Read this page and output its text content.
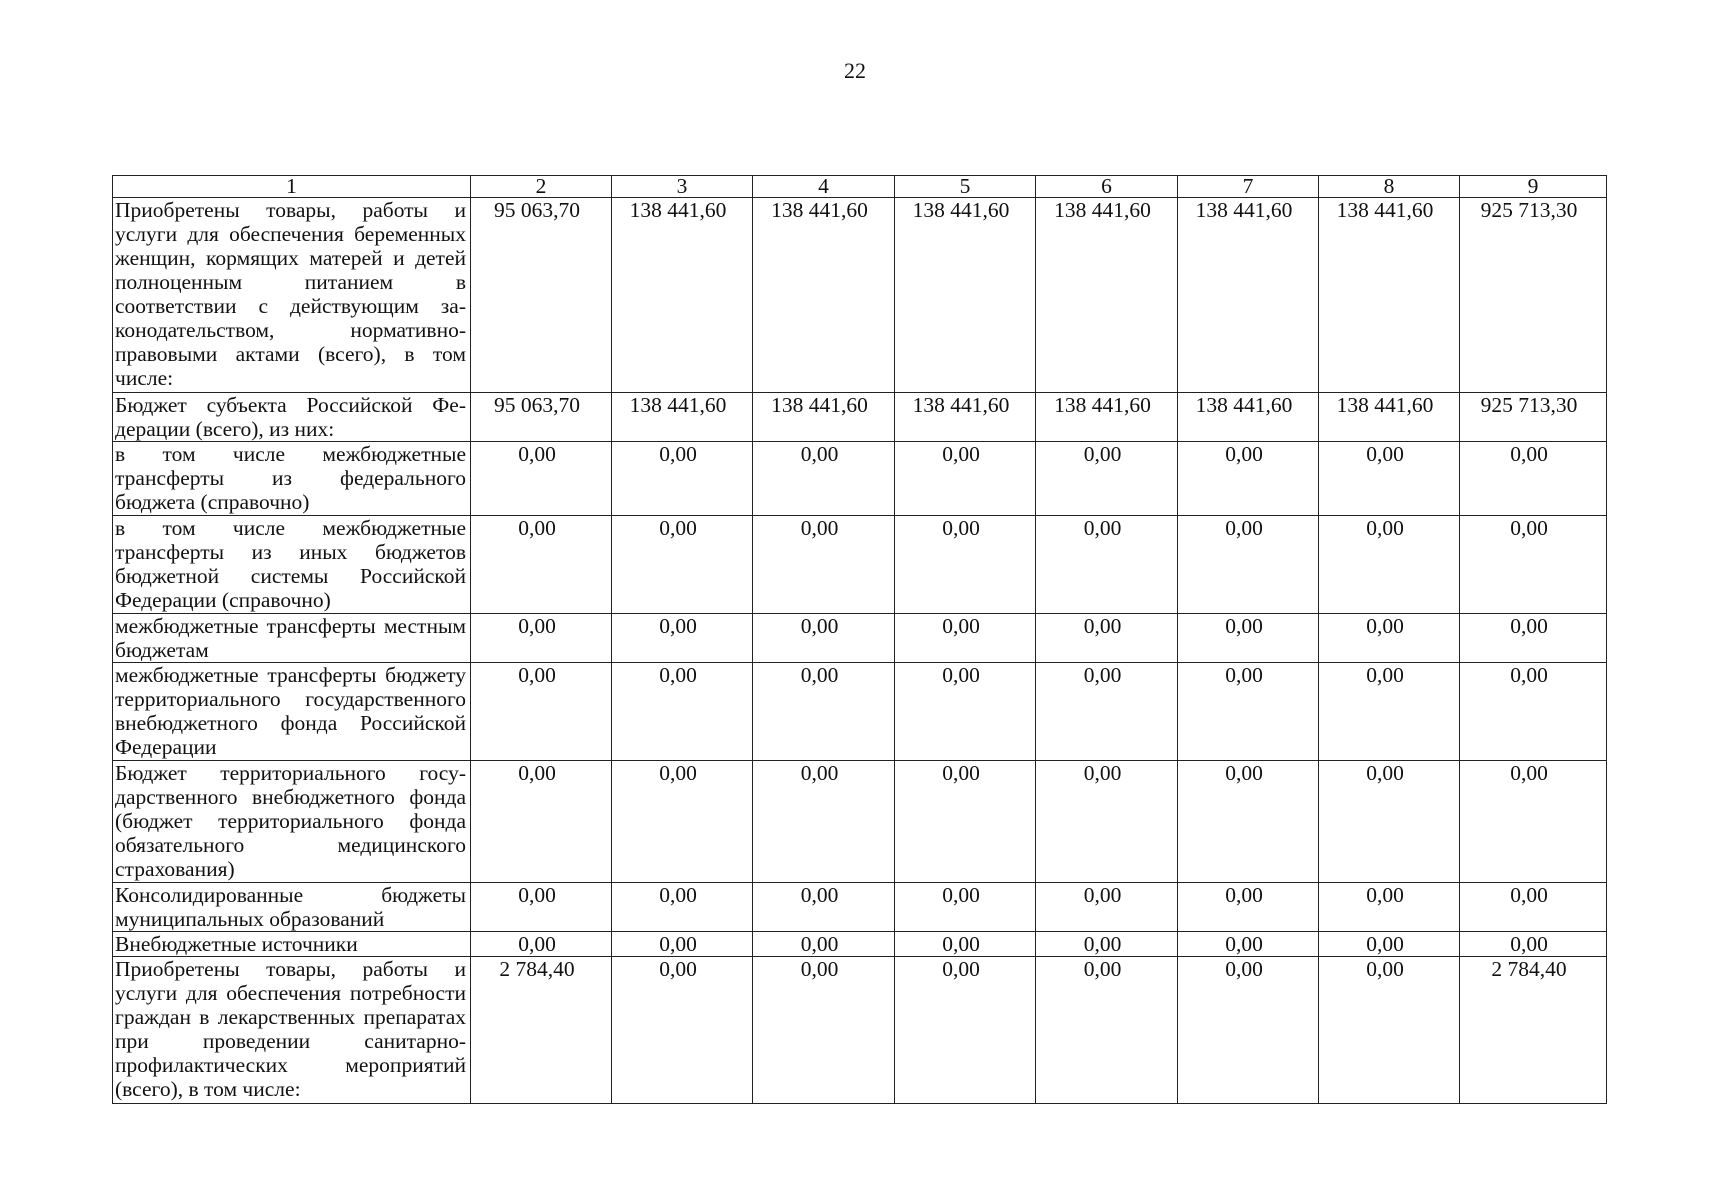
22
1	2	3	4	5	6	7	8	9
Приобретены товары, работы и услуги для обеспечения беременных женщин, кормящих матерей и детей полноценным питанием в соответствии с действующим законодательством, нормативно-правовыми актами (всего), в том числе:	95 063,70	138 441,60	138 441,60	138 441,60	138 441,60	138 441,60	138 441,60	925 713,30
Бюджет субъекта Российской Федерации (всего), из них:	95 063,70	138 441,60	138 441,60	138 441,60	138 441,60	138 441,60	138 441,60	925 713,30
в том числе межбюджетные трансферты из федерального бюджета (справочно)	0,00	0,00	0,00	0,00	0,00	0,00	0,00	0,00
в том числе межбюджетные трансферты из иных бюджетов бюджетной системы Российской Федерации (справочно)	0,00	0,00	0,00	0,00	0,00	0,00	0,00	0,00
межбюджетные трансферты местным бюджетам	0,00	0,00	0,00	0,00	0,00	0,00	0,00	0,00
межбюджетные трансферты бюджету территориального государственного внебюджетного фонда Российской Федерации	0,00	0,00	0,00	0,00	0,00	0,00	0,00	0,00
Бюджет территориального государственного внебюджетного фонда (бюджет территориального фонда обязательного медицинского страхования)	0,00	0,00	0,00	0,00	0,00	0,00	0,00	0,00
Консолидированные бюджеты муниципальных образований	0,00	0,00	0,00	0,00	0,00	0,00	0,00	0,00
Внебюджетные источники	0,00	0,00	0,00	0,00	0,00	0,00	0,00	0,00
Приобретены товары, работы и услуги для обеспечения потребности граждан в лекарственных препаратах при проведении санитарно-профилактических мероприятий (всего), в том числе:	2 784,40	0,00	0,00	0,00	0,00	0,00	0,00	2 784,40
